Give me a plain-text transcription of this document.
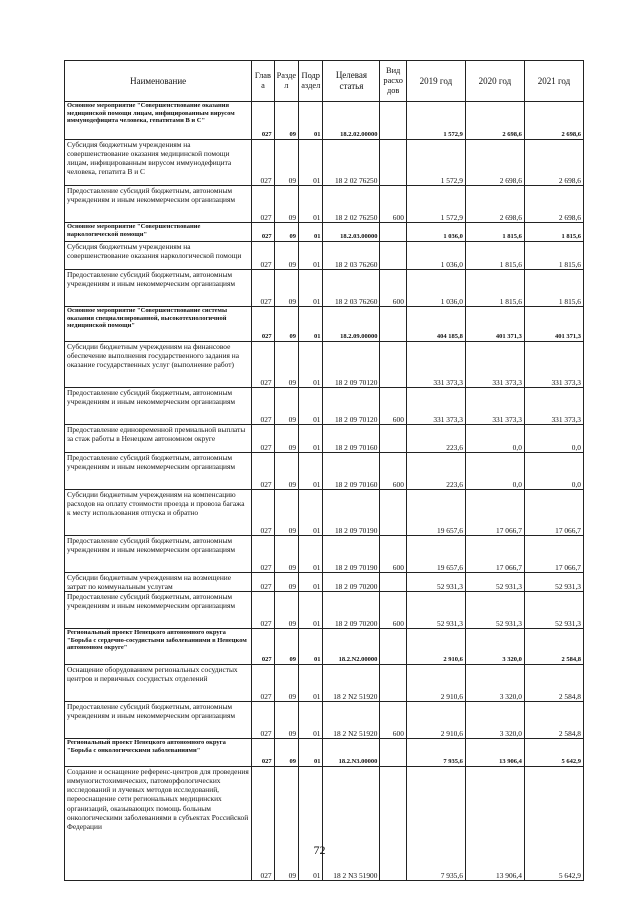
Наименование	Глав а	Разде л	Подр аздел	Целевая статья	Вид расхо дов	2019 год	2020 год	2021 год
Основное мероприятие "Совершенствование оказания медицинской помощи лицам, инфицированным вирусом иммунодефицита человека, гепатитами В и С"	027	09	01	18.2.02.00000		1 572,9	2 698,6	2 698,6
Субсидия бюджетным учреждениям на совершенствование оказания медицинской помощи лицам, инфицированным вирусом иммунодефицита человека, гепатита В и С	027	09	01	18 2 02 76250		1 572,9	2 698,6	2 698,6
Предоставление субсидий бюджетным, автономным учреждениям и иным некоммерческим организациям	027	09	01	18 2 02 76250	600	1 572,9	2 698,6	2 698,6
Основное мероприятие "Совершенствование наркологической помощи"	027	09	01	18.2.03.00000		1 036,0	1 815,6	1 815,6
Субсидия бюджетным учреждениям на совершенствование оказания наркологической помощи	027	09	01	18 2 03 76260		1 036,0	1 815,6	1 815,6
Предоставление субсидий бюджетным, автономным учреждениям и иным некоммерческим организациям	027	09	01	18 2 03 76260	600	1 036,0	1 815,6	1 815,6
Основное мероприятие "Совершенствование системы оказания специализированной, высокотехнологичной медицинской помощи"	027	09	01	18.2.09.00000		404 185,8	401 371,3	401 371,3
Субсидии бюджетным учреждениям на финансовое обеспечение выполнения государственного задания на оказание государственных услуг (выполнение работ)	027	09	01	18 2 09 70120		331 373,3	331 373,3	331 373,3
Предоставление субсидий бюджетным, автономным учреждениям и иным некоммерческим организациям	027	09	01	18 2 09 70120	600	331 373,3	331 373,3	331 373,3
Предоставление единовременной премиальной выплаты за стаж работы в Ненецком автономном округе	027	09	01	18 2 09 70160		223,6	0,0	0,0
Предоставление субсидий бюджетным, автономным учреждениям и иным некоммерческим организациям	027	09	01	18 2 09 70160	600	223,6	0,0	0,0
Субсидии бюджетным учреждениям на компенсацию расходов на оплату стоимости проезда и провоза багажа к месту использования отпуска и обратно	027	09	01	18 2 09 70190		19 657,6	17 066,7	17 066,7
Предоставление субсидий бюджетным, автономным учреждениям и иным некоммерческим организациям	027	09	01	18 2 09 70190	600	19 657,6	17 066,7	17 066,7
Субсидии бюджетным учреждениям на возмещение затрат по коммунальным услугам	027	09	01	18 2 09 70200		52 931,3	52 931,3	52 931,3
Предоставление субсидий бюджетным, автономным учреждениям и иным некоммерческим организациям	027	09	01	18 2 09 70200	600	52 931,3	52 931,3	52 931,3
Региональный проект Ненецкого автономного округа "Борьба с сердечно-сосудистыми заболеваниями в Ненецком автономном округе"	027	09	01	18.2.N2.00000		2 910,6	3 320,0	2 584,8
Оснащение оборудованием региональных сосудистых центров и первичных сосудистых отделений	027	09	01	18 2 N2 51920		2 910,6	3 320,0	2 584,8
Предоставление субсидий бюджетным, автономным учреждениям и иным некоммерческим организациям	027	09	01	18 2 N2 51920	600	2 910,6	3 320,0	2 584,8
Региональный проект Ненецкого автономного округа "Борьба с онкологическими заболеваниями"	027	09	01	18.2.N3.00000		7 935,6	13 906,4	5 642,9
Создание и оснащение референс-центров для проведения иммуногистохимических, патоморфологических исследований и лучевых методов исследований, переоснащение сети региональных медицинских организаций, оказывающих помощь больным онкологическими заболеваниями в субъектах Российской Федерации	027	09	01	18 2 N3 51900		7 935,6	13 906,4	5 642,9
72
